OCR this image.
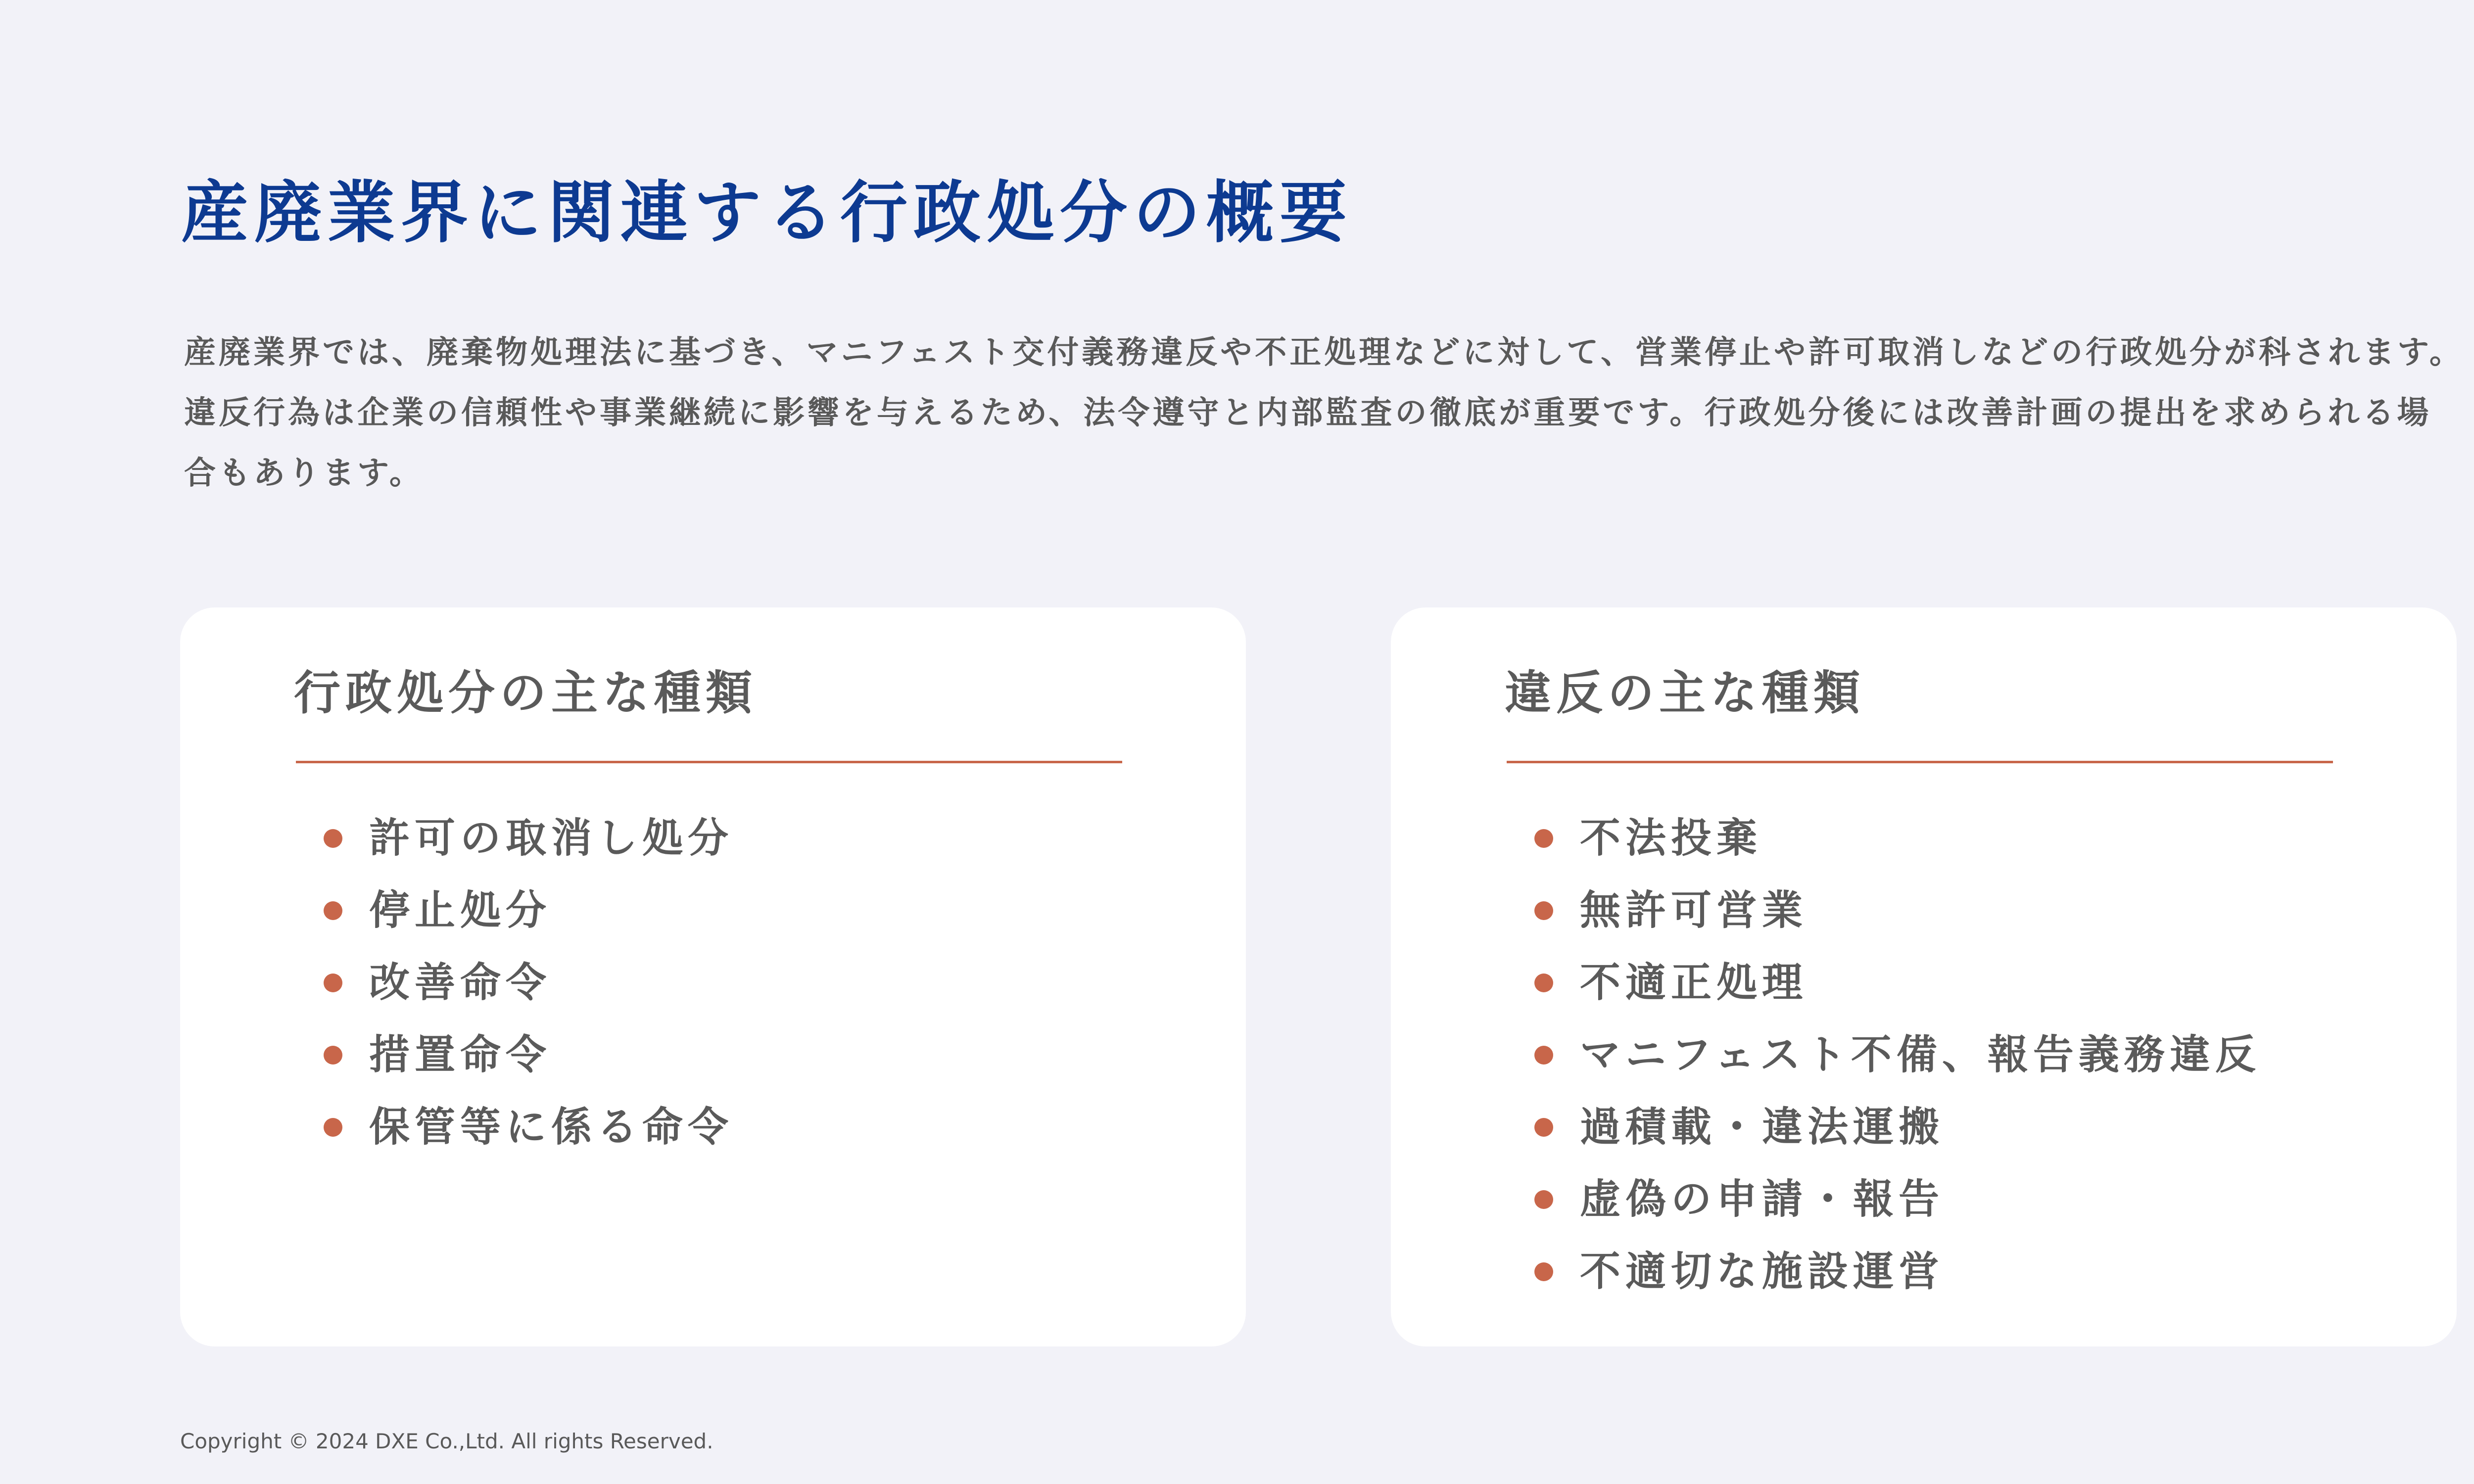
産廃業界に関連する行政処分の概要

産廃業界では、廃棄物処理法に基づき、マニフェスト交付義務違反や不正処理などに対して、営業停止や許可取消しなどの行政処分が科されます。違反行為は企業の信頼性や事業継続に影響を与えるため、法令遵守と内部監査の徹底が重要です。行政処分後には改善計画の提出を求められる場合もあります。

行政処分の主な種類
許可の取消し処分
停止処分
改善命令
措置命令
保管等に係る命令
違反の主な種類
不法投棄
無許可営業
不適正処理
マニフェスト不備、報告義務違反
過積載・違法運搬
虚偽の申請・報告
不適切な施設運営
Copyright © 2024 DXE Co.,Ltd. All rights Reserved.
